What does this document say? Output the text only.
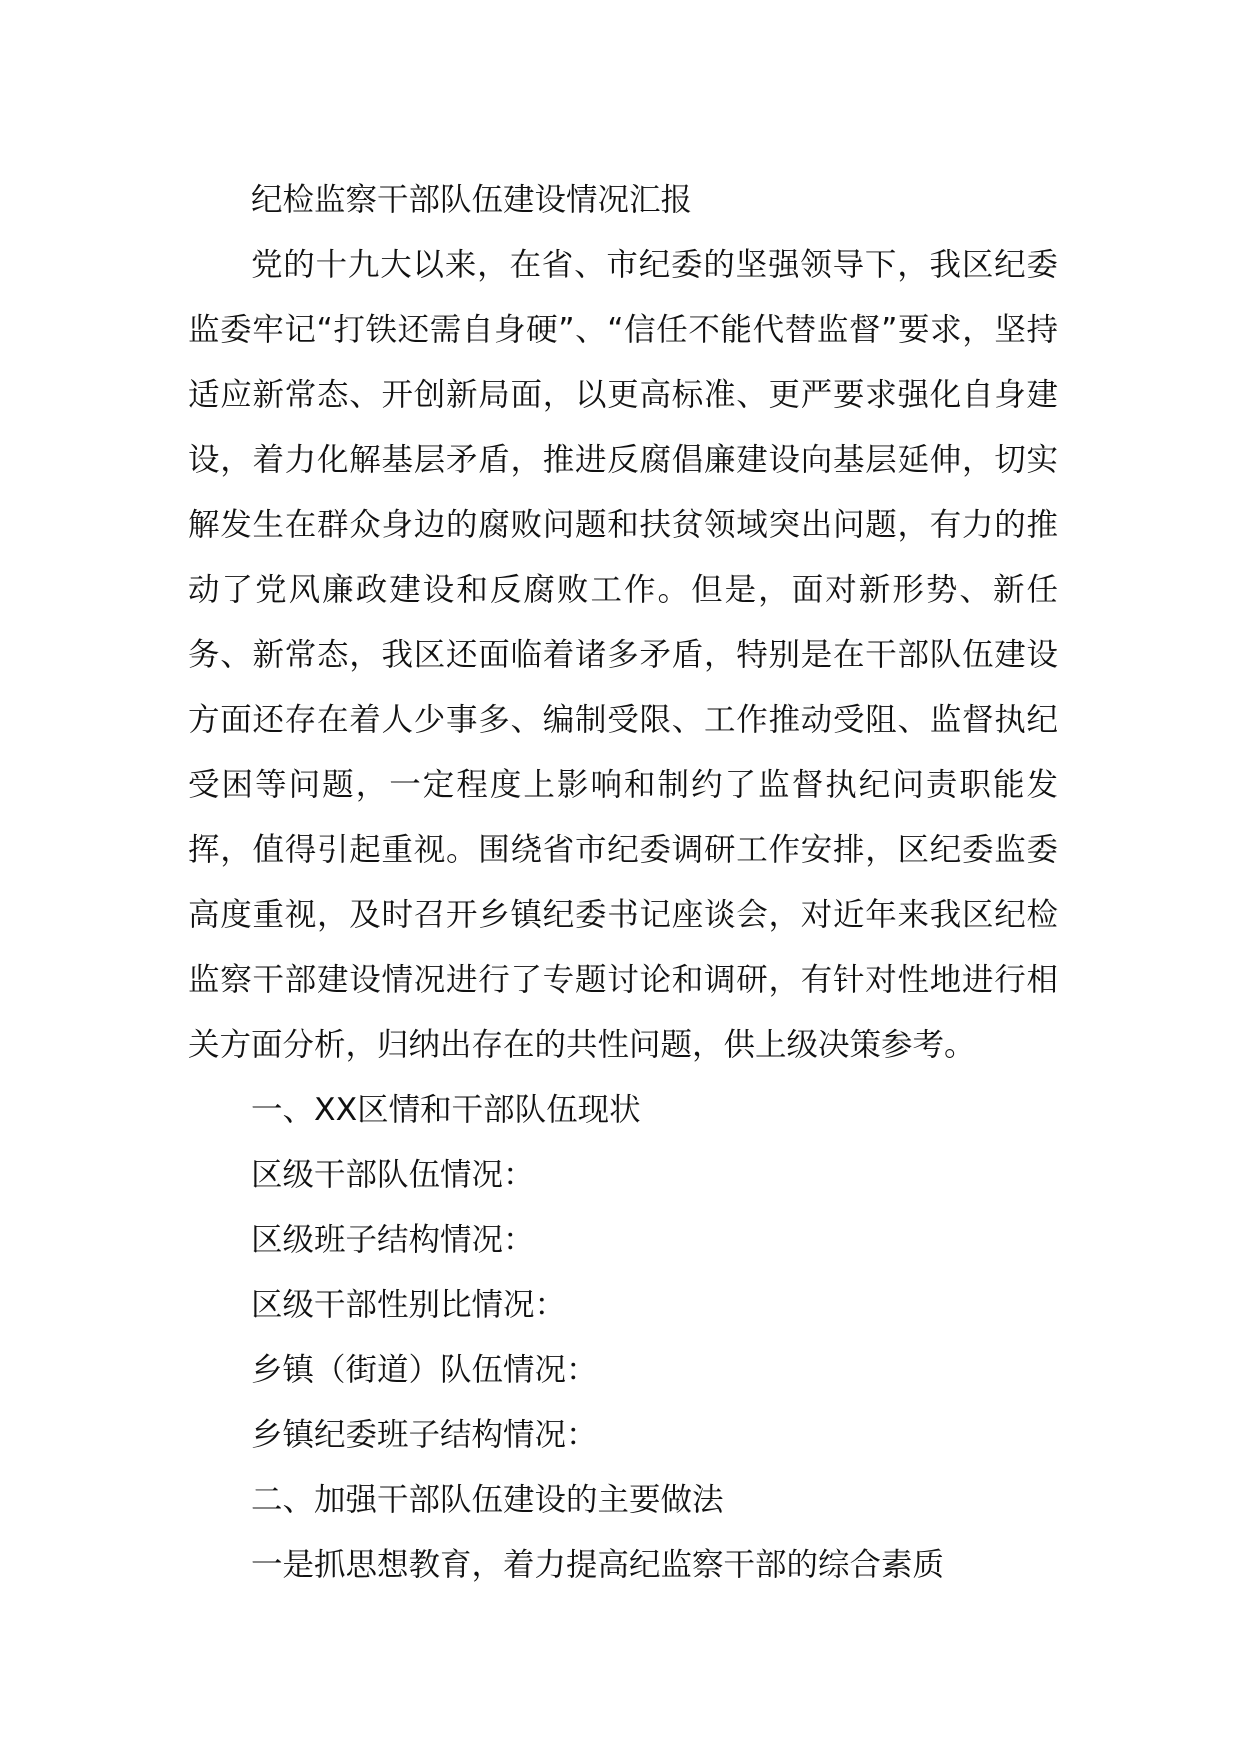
纪检监察干部队伍建设情况汇报

党的十九大以来，在省、市纪委的坚强领导下，我区纪委监委牢记“打铁还需自身硬”、“信任不能代替监督”要求，坚持适应新常态、开创新局面，以更高标准、更严要求强化自身建设，着力化解基层矛盾，推进反腐倡廉建设向基层延伸，切实解发生在群众身边的腐败问题和扶贫领域突出问题，有力的推动了党风廉政建设和反腐败工作。但是，面对新形势、新任务、新常态，我区还面临着诸多矛盾，特别是在干部队伍建设方面还存在着人少事多、编制受限、工作推动受阻、监督执纪受困等问题，一定程度上影响和制约了监督执纪问责职能发挥，值得引起重视。围绕省市纪委调研工作安排，区纪委监委高度重视，及时召开乡镇纪委书记座谈会，对近年来我区纪检监察干部建设情况进行了专题讨论和调研，有针对性地进行相关方面分析，归纳出存在的共性问题，供上级决策参考。

一、XX区情和干部队伍现状

区级干部队伍情况：

区级班子结构情况：

区级干部性别比情况：

乡镇（街道）队伍情况：

乡镇纪委班子结构情况：

二、加强干部队伍建设的主要做法

一是抓思想教育，着力提高纪监察干部的综合素质
